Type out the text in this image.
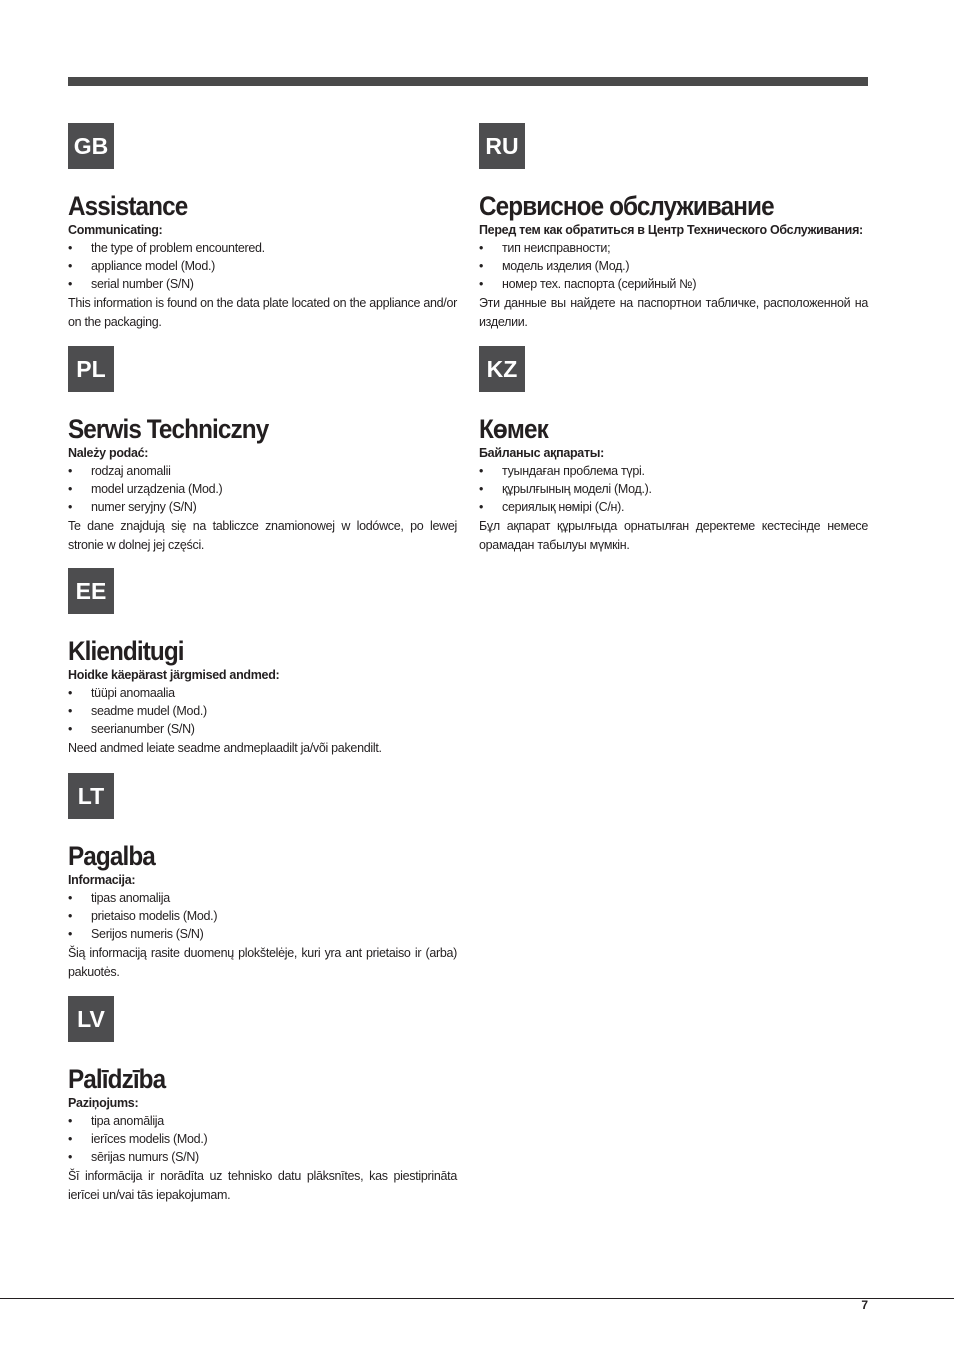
GB
Assistance

Communicating:

• the type of problem encountered.
• appliance model (Mod.)
• serial number (S/N)

This information is found on the data plate located on the appliance and/or on the packaging.

RU
Сервисное обслуживание

Перед тем как обратиться в Центр Технического Обслуживания:

• тип неисправности;
• модель изделия (Мод.)
• номер тех. паспорта (серийный №)

Эти данные вы найдете на паспортнои табличке, расположенной на изделии.

PL
Serwis Techniczny

Należy podać:

• rodzaj anomalii
• model urządzenia (Mod.)
• numer seryjny (S/N)

Te dane znajdują się na tabliczce znamionowej w lodówce, po lewej stronie w dolnej jej części.

KZ
Көмек

Байланыс ақпараты:

• туындаған проблема түрі.
• құрылғының моделі (Мод.).
• сериялық нөмірі (С/н).

Бұл ақпарат құрылғыда орнатылған деректеме кестесінде немесе орамадан табылуы мүмкін.

EE
Klienditugi

Hoidke käepärast järgmised andmed:

• tüüpi anomaalia
• seadme mudel (Mod.)
• seerianumber (S/N)

Need andmed leiate seadme andmeplaadilt ja/või pakendilt.

LT
Pagalba

Informacija:

• tipas anomalija
• prietaiso modelis (Mod.)
• Serijos numeris (S/N)

Šią informaciją rasite duomenų plokštelėje, kuri yra ant prietaiso ir (arba) pakuotės.

LV
Palīdzība

Paziņojums:

• tipa anomālija
• ierīces modelis (Mod.)
• sērijas numurs (S/N)

Šī informācija ir norādīta uz tehnisko datu plāksnītes, kas piestiprināta ierīcei un/vai tās iepakojumam.

7
